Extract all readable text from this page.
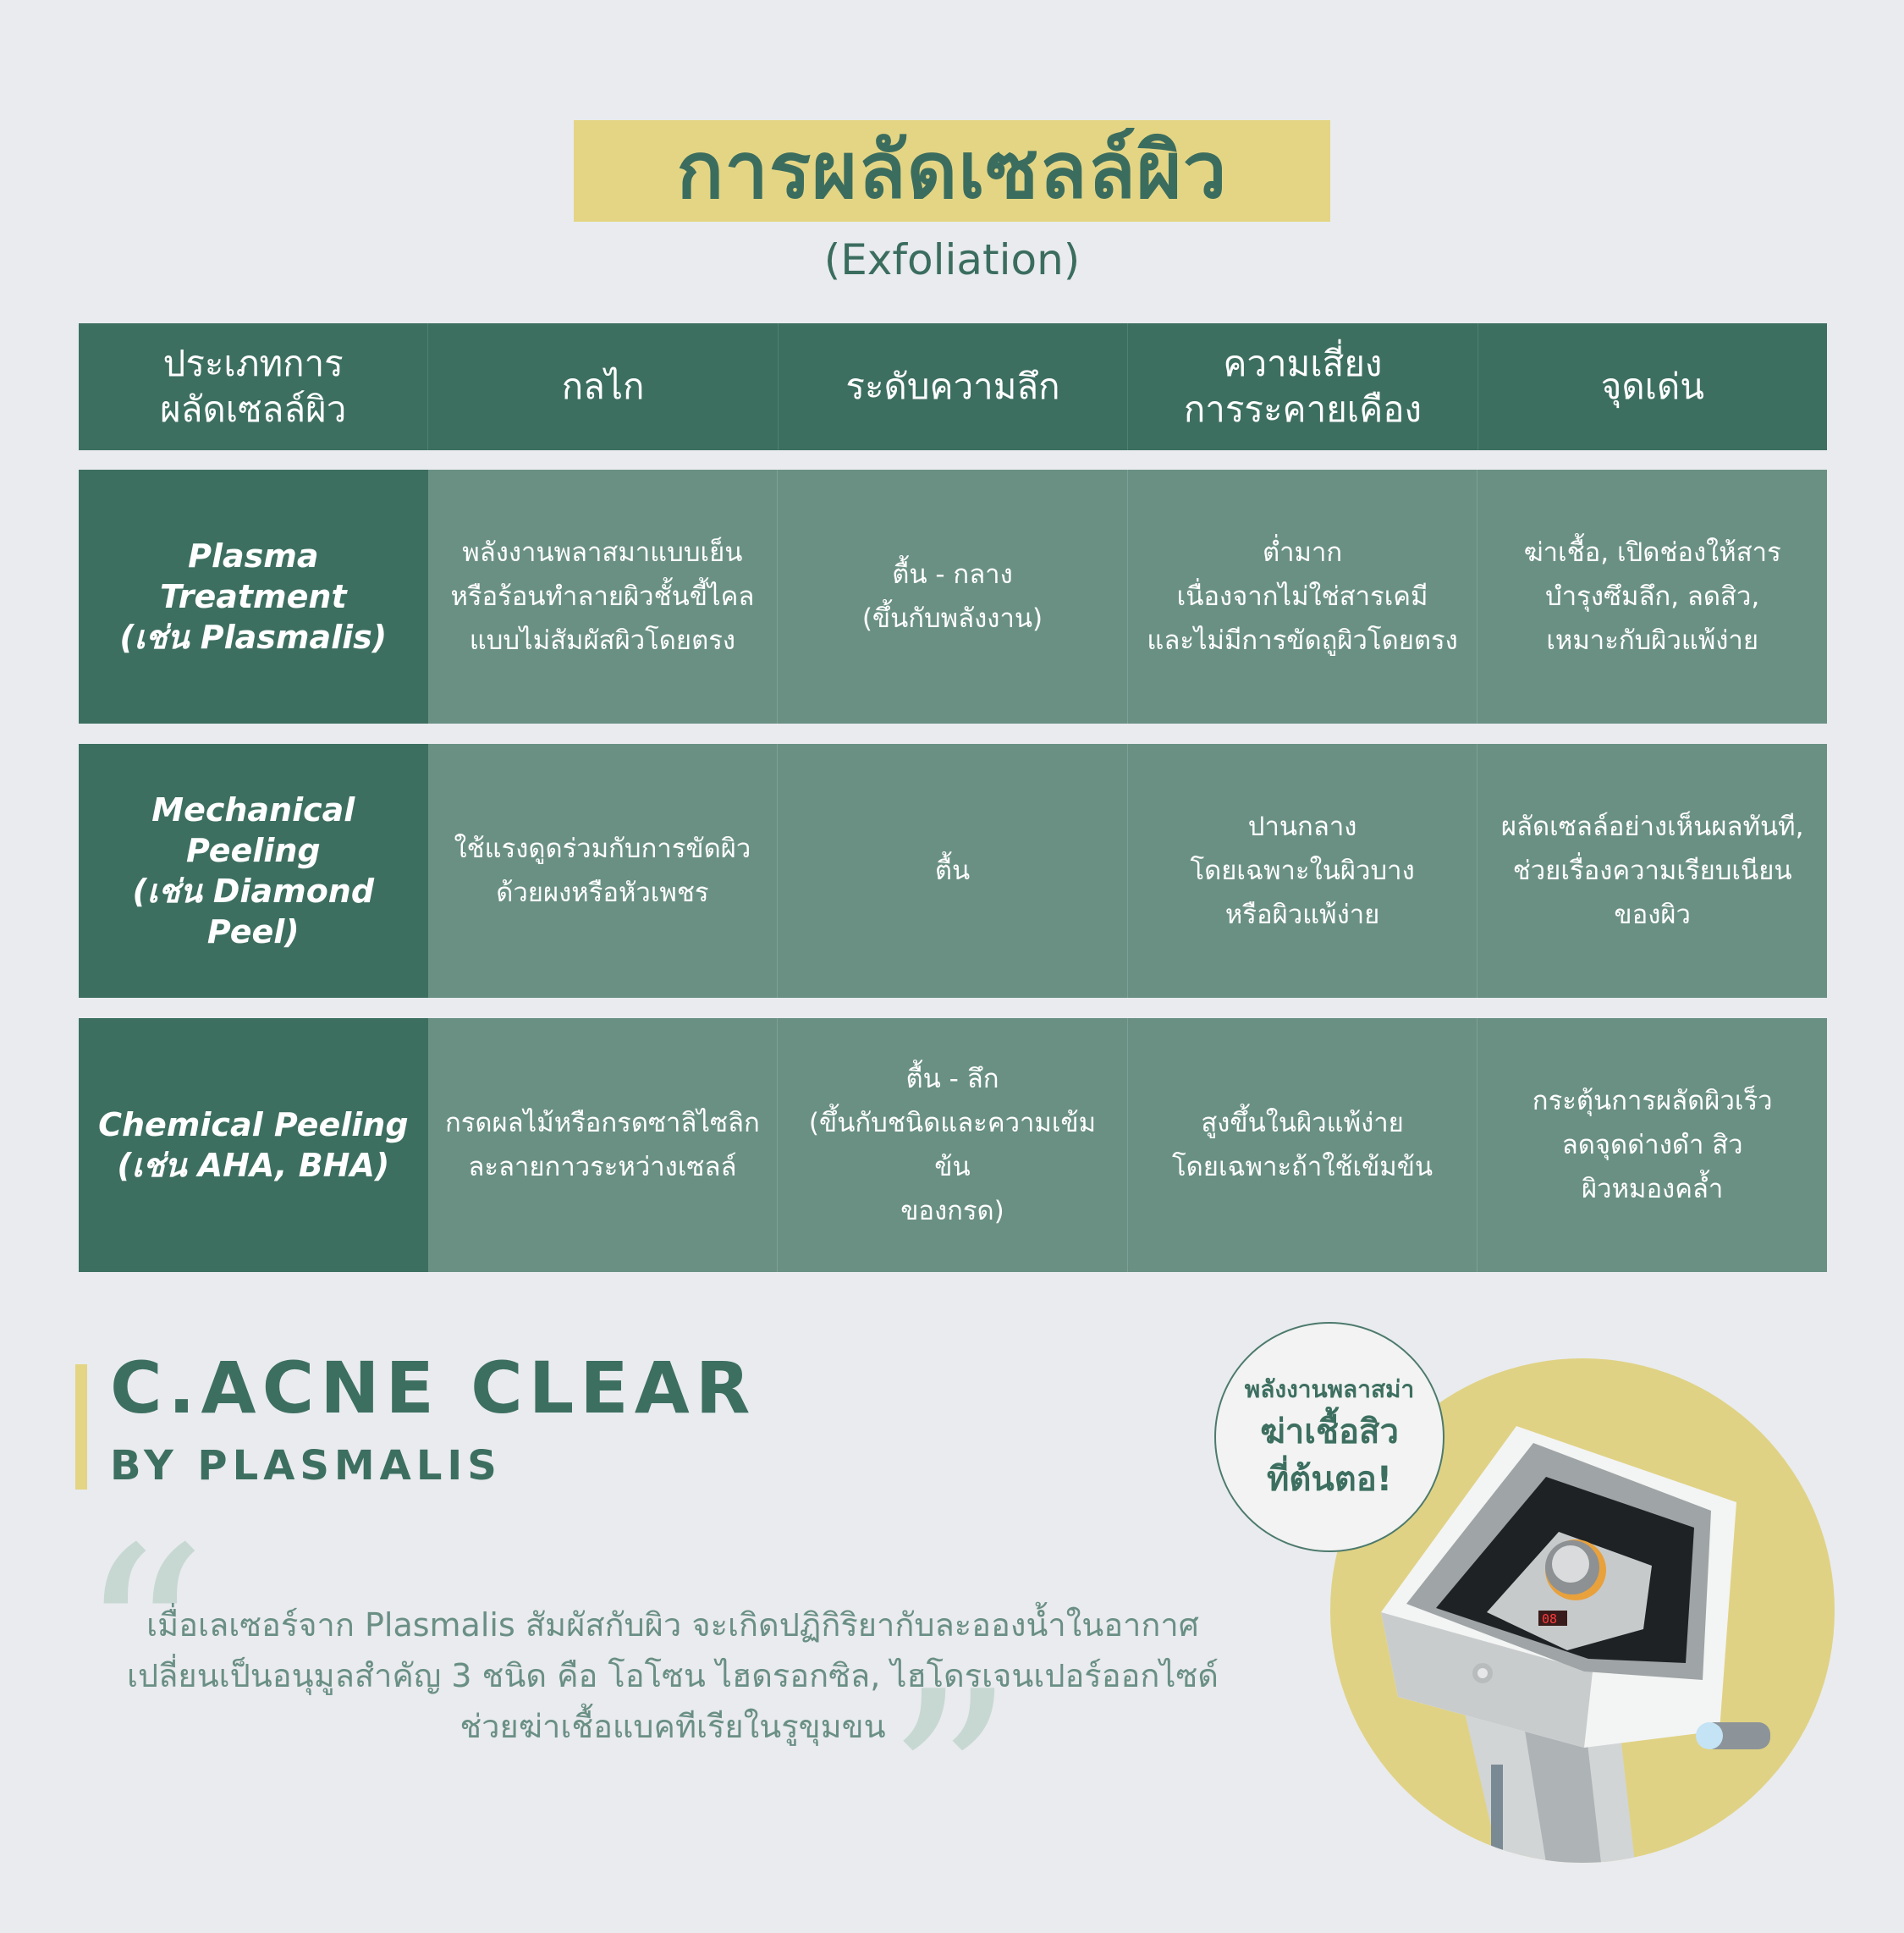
การผลัดเซลล์ผิว
(Exfoliation)
ประเภทการ
ผลัดเซลล์ผิว
กลไก	ระดับความลึก
ความเสี่ยง
การระคายเคือง
จุดเด่น
Plasma Treatment
(เช่น Plasmalis)
พลังงานพลาสมาแบบเย็น
หรือร้อนทำลายผิวชั้นขี้ไคล
แบบไม่สัมผัสผิวโดยตรง
ตื้น - กลาง
(ขึ้นกับพลังงาน)
ต่ำมาก
เนื่องจากไม่ใช่สารเคมี
และไม่มีการขัดถูผิวโดยตรง
ฆ่าเชื้อ, เปิดช่องให้สาร
บำรุงซึมลึก, ลดสิว,
เหมาะกับผิวแพ้ง่าย
Mechanical Peeling
(เช่น Diamond Peel)
ใช้แรงดูดร่วมกับการขัดผิว
ด้วยผงหรือหัวเพชร
ตื้น
ปานกลาง
โดยเฉพาะในผิวบาง
หรือผิวแพ้ง่าย
ผลัดเซลล์อย่างเห็นผลทันที,
ช่วยเรื่องความเรียบเนียน
ของผิว
Chemical Peeling
(เช่น AHA, BHA)
กรดผลไม้หรือกรดซาลิไซลิก
ละลายกาวระหว่างเซลล์
ตื้น - ลึก
(ขึ้นกับชนิดและความเข้มข้น
ของกรด)
สูงขึ้นในผิวแพ้ง่าย
โดยเฉพาะถ้าใช้เข้มข้น
กระตุ้นการผลัดผิวเร็ว
ลดจุดด่างดำ สิว
ผิวหมองคล้ำ
C.ACNE CLEAR
BY PLASMALIS
“
เมื่อเลเซอร์จาก Plasmalis สัมผัสกับผิว จะเกิดปฏิกิริยากับละอองน้ำในอากาศ
เปลี่ยนเป็นอนุมูลสำคัญ 3 ชนิด คือ โอโซน ไฮดรอกซิล, ไฮโดรเจนเปอร์ออกไซด์
ช่วยฆ่าเชื้อแบคทีเรียในรูขุมขน ”
08
พลังงานพลาสม่า
ฆ่าเชื้อสิว
ที่ต้นตอ!
